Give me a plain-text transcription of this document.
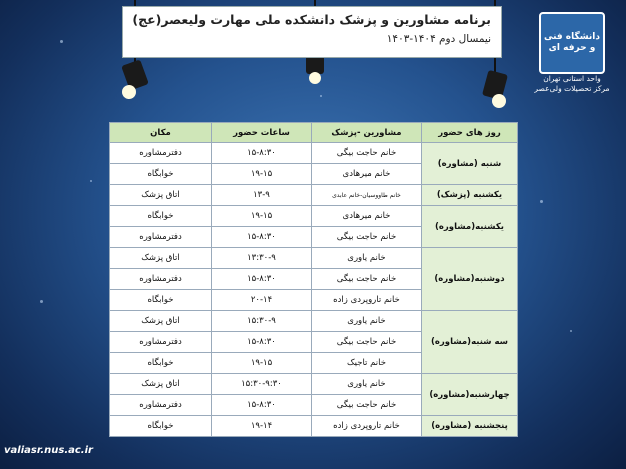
برنامه مشاورین و پزشک دانشکده ملی مهارت ولیعصر(عج)
نیمسال دوم ۱۴۰۴-۱۴۰۳	دانشگاه فنی و حرفه ای
واحد استانی تهران
مرکز تحصیلات ولی‌عصر
روز های حضور	مشاورین -پزشک	ساعات حضور	مکان
شنبه (مشاوره)	خانم حاجت بیگی	۱۵-۸:۳۰	دفترمشاوره
	خانم میرهادی	۱۹-۱۵	خوابگاه
یکشنبه (پزشک)	خانم طاووسیان-خانم عابدی	۱۳-۹	اتاق پزشک
یکشنبه(مشاوره)	خانم میرهادی	۱۹-۱۵	خوابگاه
	خانم حاجت بیگی	۱۵-۸:۳۰	دفترمشاوره
دوشنبه(مشاوره)	خانم یاوری	۱۳:۳۰-۹	اتاق پزشک
	خانم حاجت بیگی	۱۵-۸:۳۰	دفترمشاوره
	خانم تاروپردی زاده	۲۰-۱۴	خوابگاه
سه شنبه(مشاوره)	خانم یاوری	۱۵:۳۰-۹	اتاق پزشک
	خانم حاجت بیگی	۱۵-۸:۳۰	دفترمشاوره
	خانم تاجیک	۱۹-۱۵	خوابگاه
چهارشنبه(مشاوره)	خانم یاوری	۱۵:۳۰-۹:۳۰	اتاق پزشک
	خانم حاجت بیگی	۱۵-۸:۳۰	دفترمشاوره
پنجشنبه (مشاوره)	خانم تاروپردی زاده	۱۹-۱۴	خوابگاه
valiasr.nus.ac.ir
